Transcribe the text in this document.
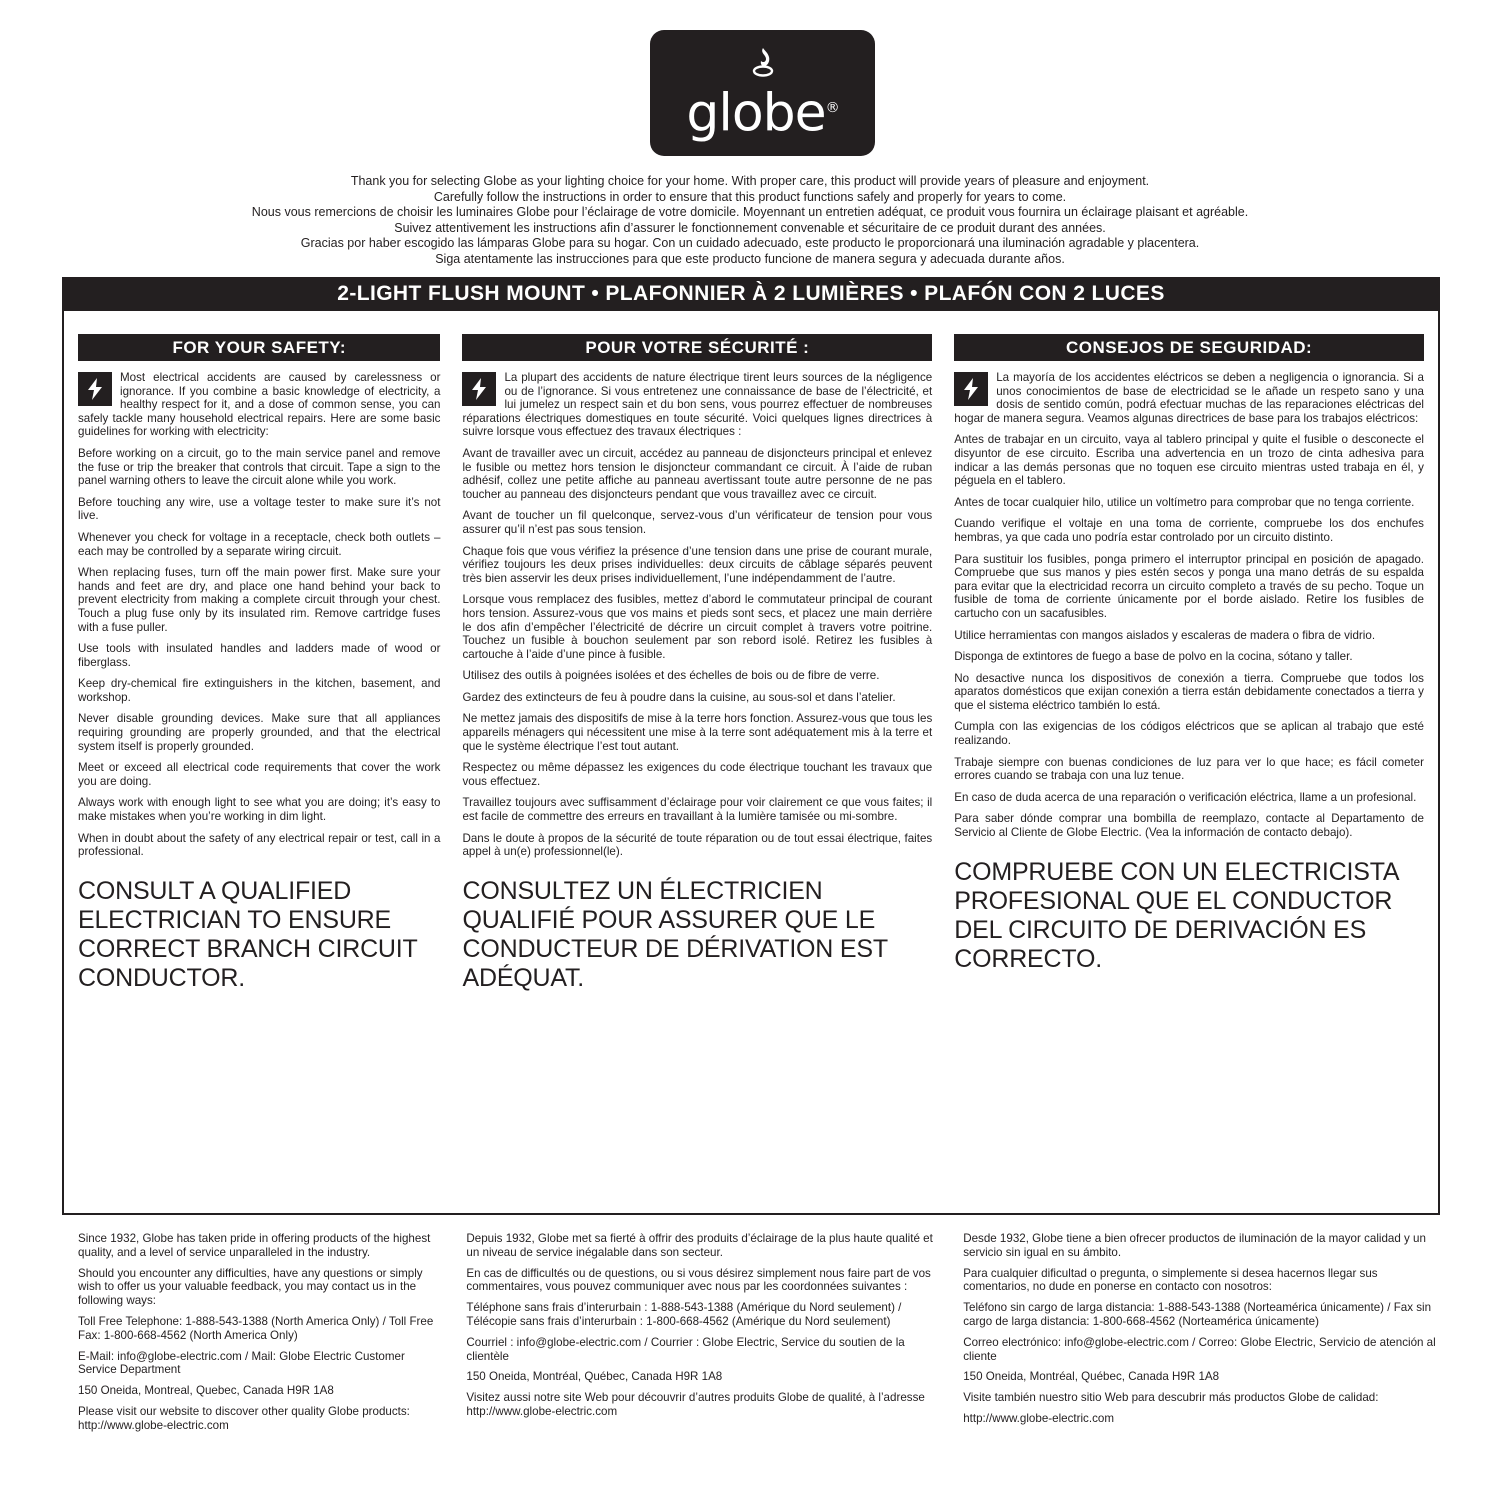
globe®

Thank you for selecting Globe as your lighting choice for your home. With proper care, this product will provide years of pleasure and enjoyment.

Carefully follow the instructions in order to ensure that this product functions safely and properly for years to come.

Nous vous remercions de choisir les luminaires Globe pour l’éclairage de votre domicile. Moyennant un entretien adéquat, ce produit vous fournira un éclairage plaisant et agréable.

Suivez attentivement les instructions afin d’assurer le fonctionnement convenable et sécuritaire de ce produit durant des années.

Gracias por haber escogido las lámparas Globe para su hogar. Con un cuidado adecuado, este producto le proporcionará una iluminación agradable y placentera.

Siga atentamente las instrucciones para que este producto funcione de manera segura y adecuada durante años.

2-LIGHT FLUSH MOUNT • PLAFONNIER À 2 LUMIÈRES • PLAFÓN CON 2 LUCES
FOR YOUR SAFETY:

Most electrical accidents are caused by carelessness or ignorance. If you combine a basic knowledge of electricity, a healthy respect for it, and a dose of common sense, you can safely tackle many household electrical repairs. Here are some basic guidelines for working with electricity:

Before working on a circuit, go to the main service panel and remove the fuse or trip the breaker that controls that circuit. Tape a sign to the panel warning others to leave the circuit alone while you work.

Before touching any wire, use a voltage tester to make sure it’s not live.

Whenever you check for voltage in a receptacle, check both outlets – each may be controlled by a separate wiring circuit.

When replacing fuses, turn off the main power first. Make sure your hands and feet are dry, and place one hand behind your back to prevent electricity from making a complete circuit through your chest. Touch a plug fuse only by its insulated rim. Remove cartridge fuses with a fuse puller.

Use tools with insulated handles and ladders made of wood or fiberglass.

Keep dry-chemical fire extinguishers in the kitchen, basement, and workshop.

Never disable grounding devices. Make sure that all appliances requiring grounding are properly grounded, and that the electrical system itself is properly grounded.

Meet or exceed all electrical code requirements that cover the work you are doing.

Always work with enough light to see what you are doing; it’s easy to make mistakes when you’re working in dim light.

When in doubt about the safety of any electrical repair or test, call in a professional.

CONSULT A QUALIFIED ELECTRICIAN TO ENSURE CORRECT BRANCH CIRCUIT CONDUCTOR.
POUR VOTRE SÉCURITÉ :

La plupart des accidents de nature électrique tirent leurs sources de la négligence ou de l’ignorance. Si vous entretenez une connaissance de base de l’électricité, et lui jumelez un respect sain et du bon sens, vous pourrez effectuer de nombreuses réparations électriques domestiques en toute sécurité. Voici quelques lignes directrices à suivre lorsque vous effectuez des travaux électriques :

Avant de travailler avec un circuit, accédez au panneau de disjoncteurs principal et enlevez le fusible ou mettez hors tension le disjoncteur commandant ce circuit. À l’aide de ruban adhésif, collez une petite affiche au panneau avertissant toute autre personne de ne pas toucher au panneau des disjoncteurs pendant que vous travaillez avec ce circuit.

Avant de toucher un fil quelconque, servez-vous d’un vérificateur de tension pour vous assurer qu’il n’est pas sous tension.

Chaque fois que vous vérifiez la présence d’une tension dans une prise de courant murale, vérifiez toujours les deux prises individuelles: deux circuits de câblage séparés peuvent très bien asservir les deux prises individuellement, l’une indépendamment de l’autre.

Lorsque vous remplacez des fusibles, mettez d’abord le commutateur principal de courant hors tension. Assurez-vous que vos mains et pieds sont secs, et placez une main derrière le dos afin d’empêcher l’électricité de décrire un circuit complet à travers votre poitrine. Touchez un fusible à bouchon seulement par son rebord isolé. Retirez les fusibles à cartouche à l’aide d’une pince à fusible.

Utilisez des outils à poignées isolées et des échelles de bois ou de fibre de verre.

Gardez des extincteurs de feu à poudre dans la cuisine, au sous-sol et dans l’atelier.

Ne mettez jamais des dispositifs de mise à la terre hors fonction. Assurez-vous que tous les appareils ménagers qui nécessitent une mise à la terre sont adéquatement mis à la terre et que le système électrique l’est tout autant.

Respectez ou même dépassez les exigences du code électrique touchant les travaux que vous effectuez.

Travaillez toujours avec suffisamment d’éclairage pour voir clairement ce que vous faites; il est facile de commettre des erreurs en travaillant à la lumière tamisée ou mi-sombre.

Dans le doute à propos de la sécurité de toute réparation ou de tout essai électrique, faites appel à un(e) professionnel(le).

CONSULTEZ UN ÉLECTRICIEN QUALIFIÉ POUR ASSURER QUE LE CONDUCTEUR DE DÉRIVATION EST ADÉQUAT.
CONSEJOS DE SEGURIDAD:

La mayoría de los accidentes eléctricos se deben a negligencia o ignorancia. Si a unos conocimientos de base de electricidad se le añade un respeto sano y una dosis de sentido común, podrá efectuar muchas de las reparaciones eléctricas del hogar de manera segura. Veamos algunas directrices de base para los trabajos eléctricos:

Antes de trabajar en un circuito, vaya al tablero principal y quite el fusible o desconecte el disyuntor de ese circuito. Escriba una advertencia en un trozo de cinta adhesiva para indicar a las demás personas que no toquen ese circuito mientras usted trabaja en él, y péguela en el tablero.

Antes de tocar cualquier hilo, utilice un voltímetro para comprobar que no tenga corriente.

Cuando verifique el voltaje en una toma de corriente, compruebe los dos enchufes hembras, ya que cada uno podría estar controlado por un circuito distinto.

Para sustituir los fusibles, ponga primero el interruptor principal en posición de apagado. Compruebe que sus manos y pies estén secos y ponga una mano detrás de su espalda para evitar que la electricidad recorra un circuito completo a través de su pecho. Toque un fusible de toma de corriente únicamente por el borde aislado. Retire los fusibles de cartucho con un sacafusibles.

Utilice herramientas con mangos aislados y escaleras de madera o fibra de vidrio.

Disponga de extintores de fuego a base de polvo en la cocina, sótano y taller.

No desactive nunca los dispositivos de conexión a tierra. Compruebe que todos los aparatos domésticos que exijan conexión a tierra están debidamente conectados a tierra y que el sistema eléctrico también lo está.

Cumpla con las exigencias de los códigos eléctricos que se aplican al trabajo que esté realizando.

Trabaje siempre con buenas condiciones de luz para ver lo que hace; es fácil cometer errores cuando se trabaja con una luz tenue.

En caso de duda acerca de una reparación o verificación eléctrica, llame a un profesional.

Para saber dónde comprar una bombilla de reemplazo, contacte al Departamento de Servicio al Cliente de Globe Electric. (Vea la información de contacto debajo).

COMPRUEBE CON UN ELECTRICISTA PROFESIONAL QUE EL CONDUCTOR DEL CIRCUITO DE DERIVACIÓN ES CORRECTO.

Since 1932, Globe has taken pride in offering products of the highest quality, and a level of service unparalleled in the industry.

Should you encounter any difficulties, have any questions or simply wish to offer us your valuable feedback, you may contact us in the following ways:

Toll Free Telephone: 1-888-543-1388 (North America Only) / Toll Free Fax: 1-800-668-4562 (North America Only)

E-Mail: info@globe-electric.com / Mail: Globe Electric Customer Service Department

150 Oneida, Montreal, Quebec, Canada H9R 1A8

Please visit our website to discover other quality Globe products: http://www.globe-electric.com

Depuis 1932, Globe met sa fierté à offrir des produits d’éclairage de la plus haute qualité et un niveau de service inégalable dans son secteur.

En cas de difficultés ou de questions, ou si vous désirez simplement nous faire part de vos commentaires, vous pouvez communiquer avec nous par les coordonnées suivantes :

Téléphone sans frais d’interurbain : 1-888-543-1388 (Amérique du Nord seulement) / Télécopie sans frais d’interurbain : 1-800-668-4562 (Amérique du Nord seulement)

Courriel : info@globe-electric.com / Courrier : Globe Electric, Service du soutien de la clientèle

150 Oneida, Montréal, Québec, Canada H9R 1A8

Visitez aussi notre site Web pour découvrir d’autres produits Globe de qualité, à l’adresse http://www.globe-electric.com

Desde 1932, Globe tiene a bien ofrecer productos de iluminación de la mayor calidad y un servicio sin igual en su ámbito.

Para cualquier dificultad o pregunta, o simplemente si desea hacernos llegar sus comentarios, no dude en ponerse en contacto con nosotros:

Teléfono sin cargo de larga distancia: 1-888-543-1388 (Norteamérica únicamente) / Fax sin cargo de larga distancia: 1-800-668-4562 (Norteamérica únicamente)

Correo electrónico: info@globe-electric.com / Correo: Globe Electric, Servicio de atención al cliente

150 Oneida, Montréal, Québec, Canada H9R 1A8

Visite también nuestro sitio Web para descubrir más productos Globe de calidad:

http://www.globe-electric.com
